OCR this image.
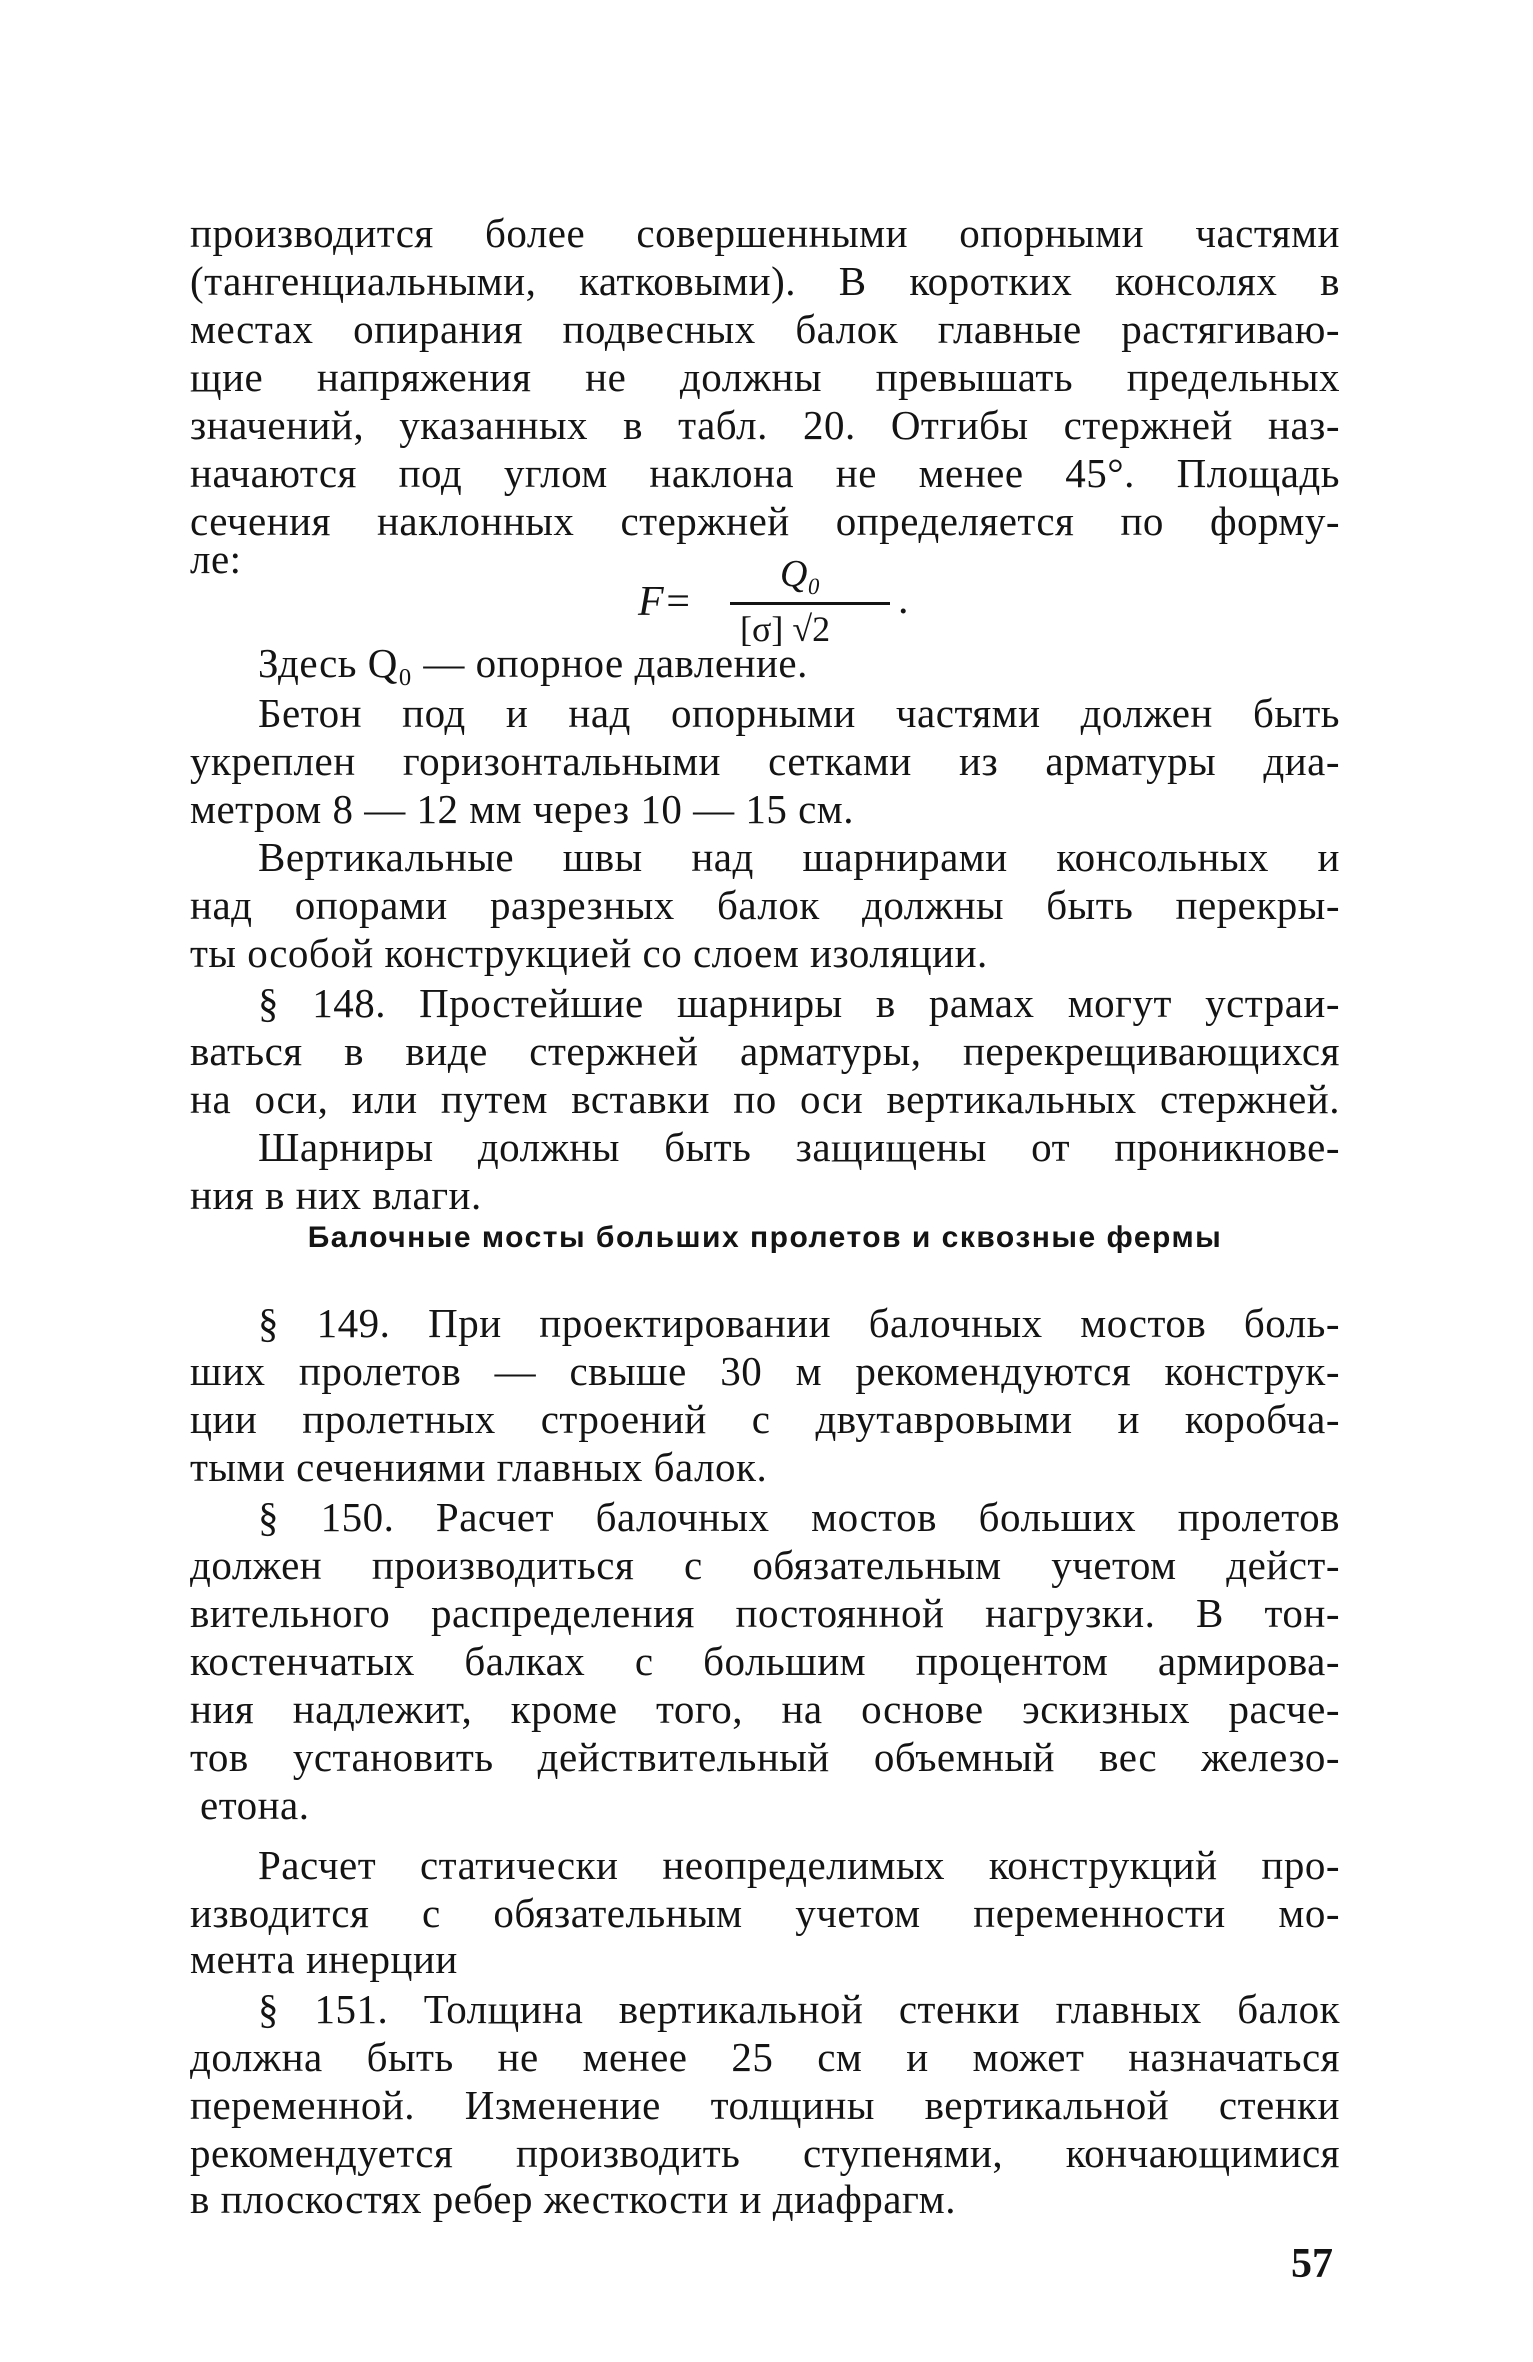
производится более совершенными опорными частями
(тангенциальными, катковыми). В коротких консолях в
местах опирания подвесных балок главные растягиваю-
щие напряжения не должны превышать предельных
значений, указанных в табл. 20. Отгибы стержней наз-
начаются под углом наклона не менее 45°. Площадь
сечения наклонных стержней определяется по форму-
ле:
F=
Q₀
[σ] √2
.
Здесь Q₀ — опорное давление.
Бетон под и над опорными частями должен быть
укреплен горизонтальными сетками из арматуры диа-
метром 8 — 12 мм через 10 — 15 см.
Вертикальные швы над шарнирами консольных и
над опорами разрезных балок должны быть перекры-
ты особой конструкцией со слоем изоляции.
§ 148. Простейшие шарниры в рамах могут устраи-
ваться в виде стержней арматуры, перекрещивающихся
на оси, или путем вставки по оси вертикальных стержней.
Шарниры должны быть защищены от проникнове-
ния в них влаги.
Балочные мосты больших пролетов и сквозные фермы
§ 149. При проектировании балочных мостов боль-
ших пролетов — свыше 30 м рекомендуются конструк-
ции пролетных строений с двутавровыми и коробча-
тыми сечениями главных балок.
§ 150. Расчет балочных мостов больших пролетов
должен производиться с обязательным учетом дейст-
вительного распределения постоянной нагрузки. В тон-
костенчатых балках с большим процентом армирова-
ния надлежит, кроме того, на основе эскизных расче-
тов установить действительный объемный вес железо-
етона.
Расчет статически неопределимых конструкций про-
изводится с обязательным учетом переменности мо-
мента инерции
§ 151. Толщина вертикальной стенки главных балок
должна быть не менее 25 см и может назначаться
переменной. Изменение толщины вертикальной стенки
рекомендуется производить ступенями, кончающимися
в плоскостях ребер жесткости и диафрагм.
57
